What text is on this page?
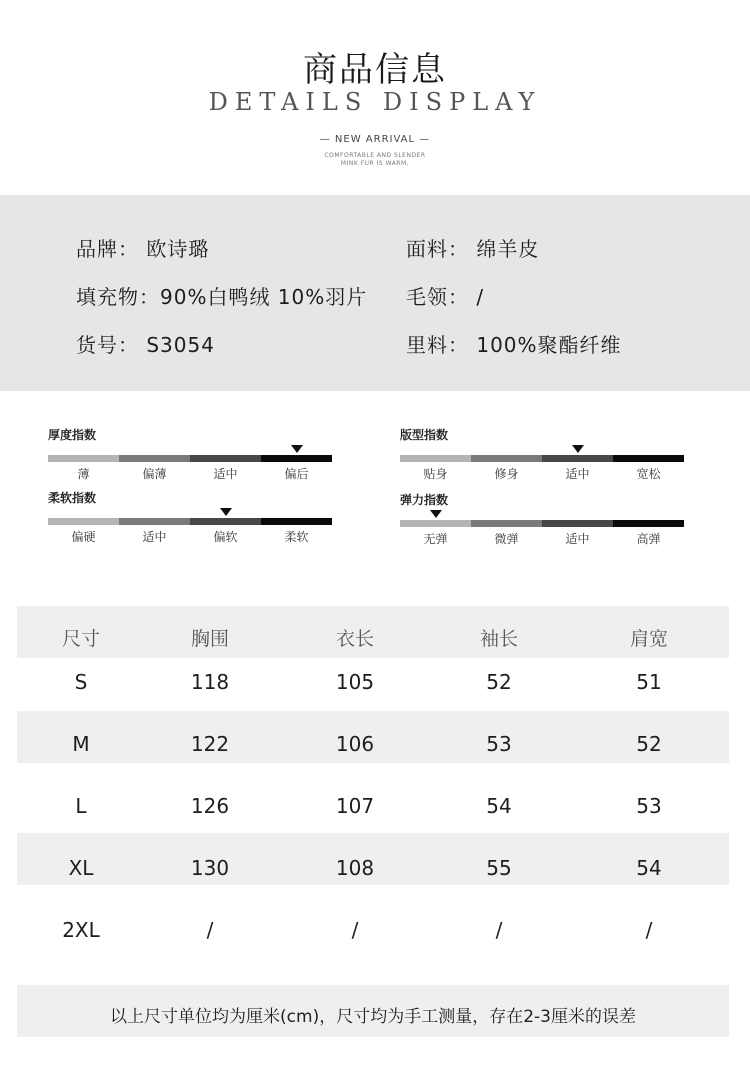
商品信息
DETAILS DISPLAY
— NEW ARRIVAL —
COMFORTABLE AND SLENDER
MINK FUR IS WARM,
品牌： 欧诗璐	面料： 绵羊皮
填充物：90%白鸭绒 10%羽片 毛领： /
货号： S3054	里料： 100%聚酯纤维
厚度指数
薄	偏薄	适中	偏后
版型指数
贴身	修身	适中	宽松
柔软指数
偏硬	适中	偏软	柔软
弹力指数
无弹	微弹	适中	高弹
尺寸	胸围	衣长	袖长	肩宽
S	118	105	52	51
M	122	106	53	52
L	126	107	54	53
XL	130	108	55	54
2XL	/	/	/	/
以上尺寸单位均为厘米(cm)，尺寸均为手工测量，存在2-3厘米的误差
